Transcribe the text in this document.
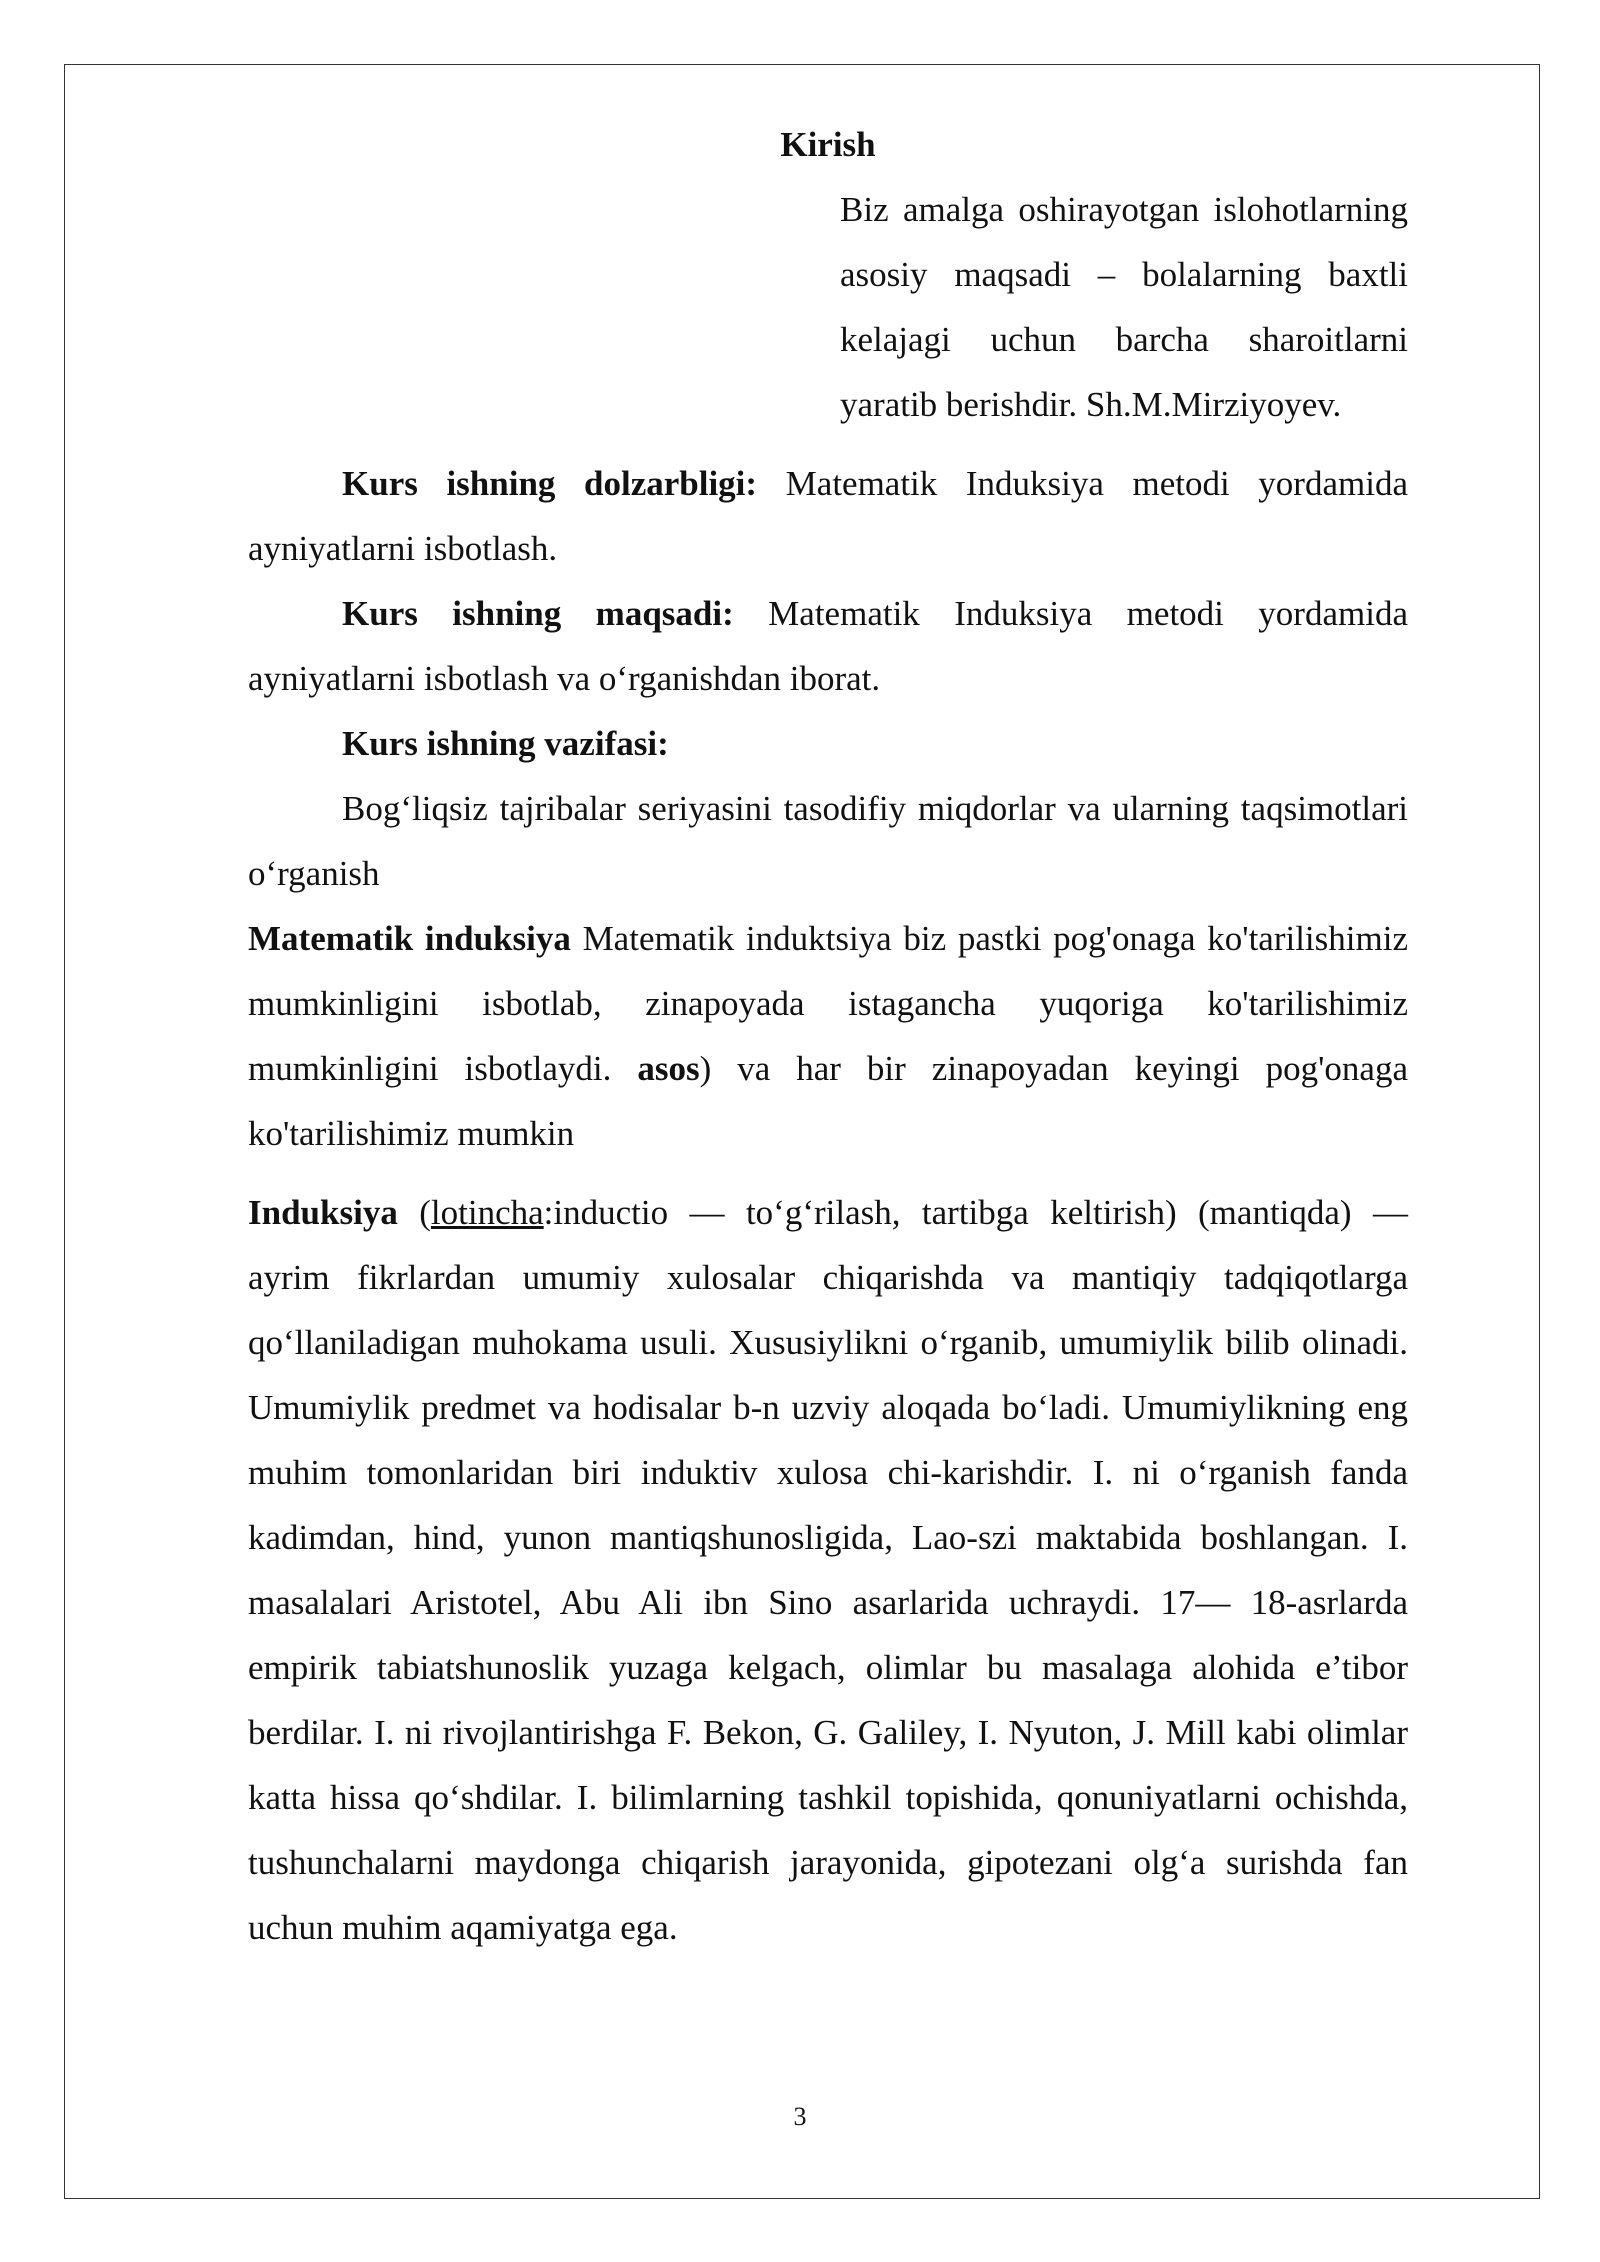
Kirish

Biz amalga oshirayotgan islohotlarning asosiy maqsadi – bolalarning baxtli kelajagi uchun barcha sharoitlarni yaratib berishdir. Sh.M.Mirziyoyev.

Kurs ishning dolzarbligi: Matematik Induksiya metodi yordamida ayniyatlarni isbotlash.

Kurs ishning maqsadi: Matematik Induksiya metodi yordamida ayniyatlarni isbotlash va o‘rganishdan iborat.

Kurs ishning vazifasi:

Bog‘liqsiz tajribalar seriyasini tasodifiy miqdorlar va ularning taqsimotlari o‘rganish

Matematik induksiya Matematik induktsiya biz pastki pog'onaga ko'tarilishimiz mumkinligini isbotlab, zinapoyada istagancha yuqoriga ko'tarilishimiz mumkinligini isbotlaydi. asos) va har bir zinapoyadan keyingi pog'onaga ko'tarilishimiz mumkin

Induksiya (lotincha:inductio — to‘g‘rilash, tartibga keltirish) (mantiqda) — ayrim fikrlardan umumiy xulosalar chiqarishda va mantiqiy tadqiqotlarga qo‘llaniladigan muhokama usuli. Xususiylikni o‘rganib, umumiylik bilib olinadi. Umumiylik predmet va hodisalar b-n uzviy aloqada bo‘ladi. Umumiylikning eng muhim tomonlaridan biri induktiv xulosa chi-karishdir. I. ni o‘rganish fanda kadimdan, hind, yunon mantiqshunosligida, Lao-szi maktabida boshlangan. I. masalalari Aristotel, Abu Ali ibn Sino asarlarida uchraydi. 17— 18-asrlarda empirik tabiatshunoslik yuzaga kelgach, olimlar bu masalaga alohida e’tibor berdilar. I. ni rivojlantirishga F. Bekon, G. Galiley, I. Nyuton, J. Mill kabi olimlar katta hissa qo‘shdilar. I. bilimlarning tashkil topishida, qonuniyatlarni ochishda, tushunchalarni maydonga chiqarish jarayonida, gipotezani olg‘a surishda fan uchun muhim aqamiyatga ega.

3
